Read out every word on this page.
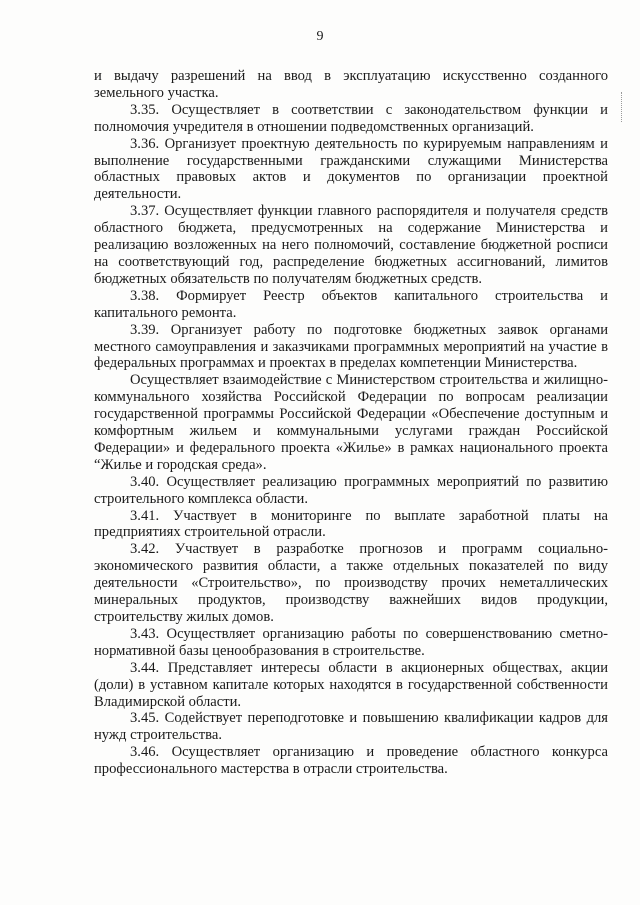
9

и выдачу разрешений на ввод в эксплуатацию искусственно созданного земельного участка.

3.35. Осуществляет в соответствии с законодательством функции и полномочия учредителя в отношении подведомственных организаций.

3.36. Организует проектную деятельность по курируемым направлениям и выполнение государственными гражданскими служащими Министерства областных правовых актов и документов по организации проектной деятельности.

3.37. Осуществляет функции главного распорядителя и получателя средств областного бюджета, предусмотренных на содержание Министерства и реализацию возложенных на него полномочий, составление бюджетной росписи на соответствующий год, распределение бюджетных ассигнований, лимитов бюджетных обязательств по получателям бюджетных средств.

3.38. Формирует Реестр объектов капитального строительства и капитального ремонта.

3.39. Организует работу по подготовке бюджетных заявок органами местного самоуправления и заказчиками программных мероприятий на участие в федеральных программах и проектах в пределах компетенции Министерства.

Осуществляет взаимодействие с Министерством строительства и жилищно-коммунального хозяйства Российской Федерации по вопросам реализации государственной программы Российской Федерации «Обеспечение доступным и комфортным жильем и коммунальными услугами граждан Российской Федерации» и федерального проекта «Жилье» в рамках национального проекта “Жилье и городская среда».

3.40. Осуществляет реализацию программных мероприятий по развитию строительного комплекса области.

3.41. Участвует в мониторинге по выплате заработной платы на предприятиях строительной отрасли.

3.42. Участвует в разработке прогнозов и программ социально-экономического развития области, а также отдельных показателей по виду деятельности «Строительство», по производству прочих неметаллических минеральных продуктов, производству важнейших видов продукции, строительству жилых домов.

3.43. Осуществляет организацию работы по совершенствованию сметно-нормативной базы ценообразования в строительстве.

3.44. Представляет интересы области в акционерных обществах, акции (доли) в уставном капитале которых находятся в государственной собственности Владимирской области.

3.45. Содействует переподготовке и повышению квалификации кадров для нужд строительства.

3.46. Осуществляет организацию и проведение областного конкурса профессионального мастерства в отрасли строительства.
